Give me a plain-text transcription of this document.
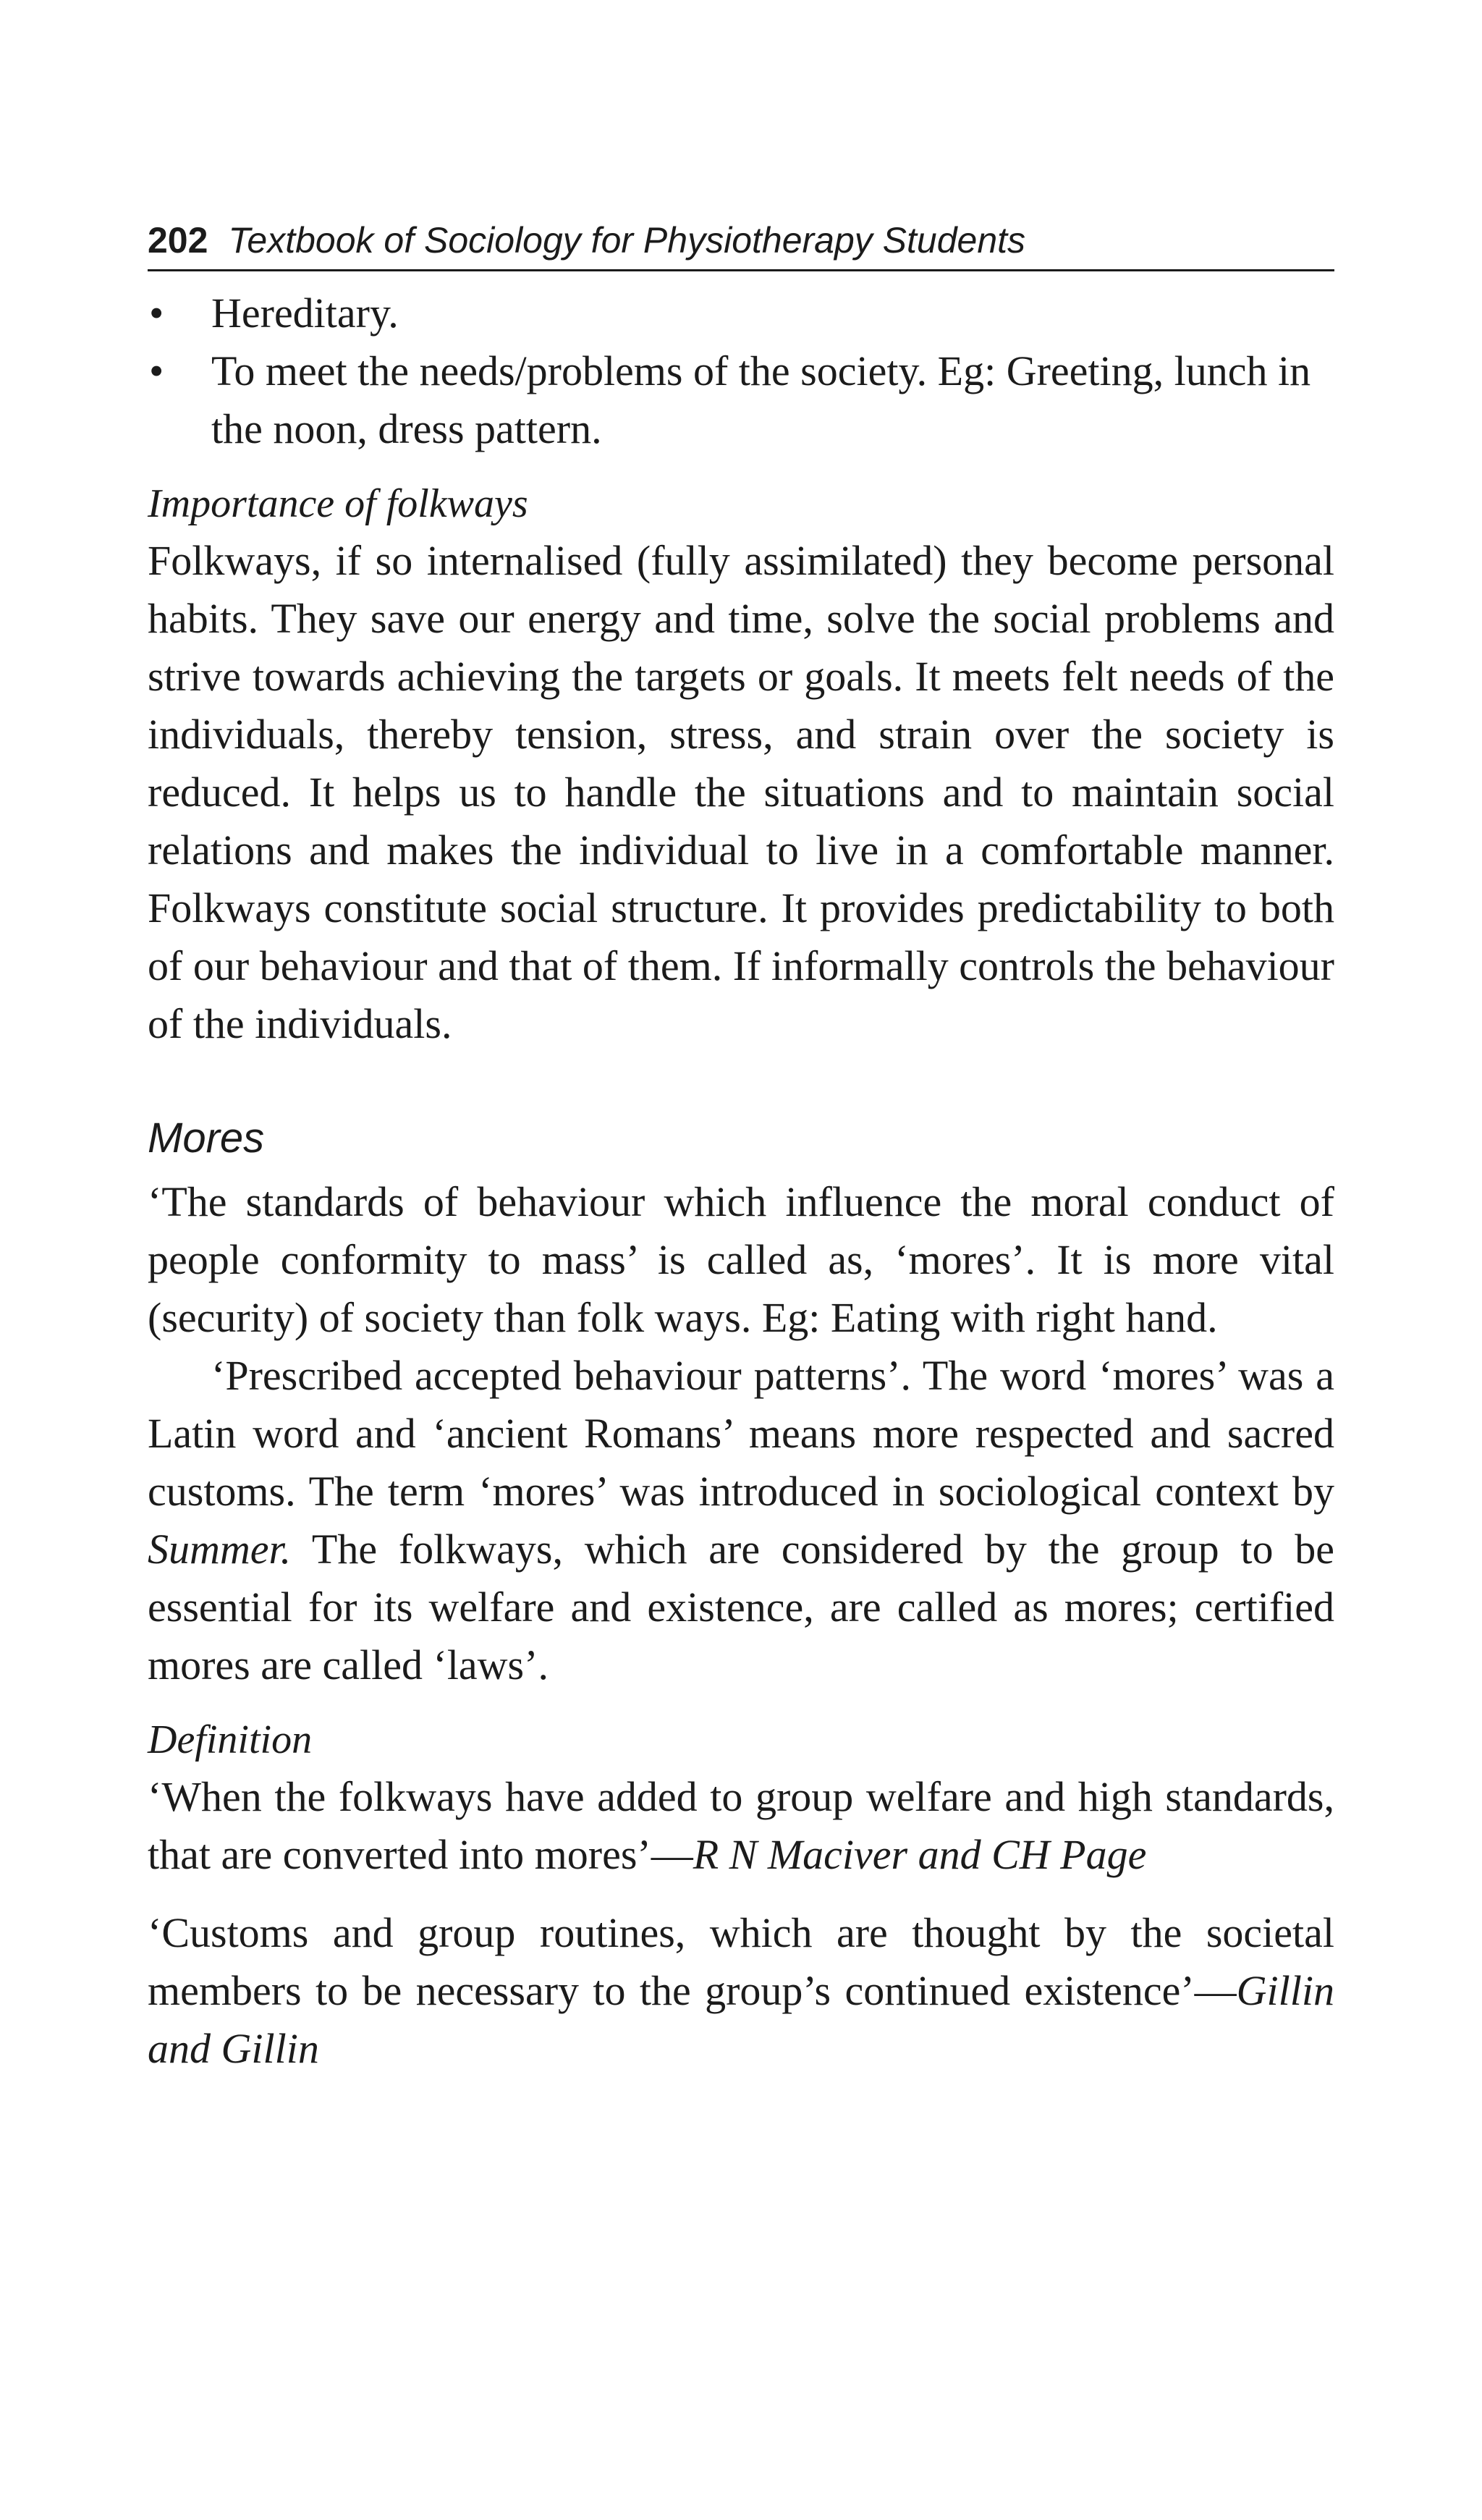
202 Textbook of Sociology for Physiotherapy Students
•	Hereditary.
•	To meet the needs/problems of the society. Eg: Greeting, lunch in the noon, dress pattern.
Importance of folkways

Folkways, if so internalised (fully assimilated) they become personal habits. They save our energy and time, solve the social problems and strive towards achieving the targets or goals. It meets felt needs of the individuals, thereby tension, stress, and strain over the society is reduced. It helps us to handle the situations and to maintain social relations and makes the individual to live in a comfortable manner. Folkways constitute social structure. It provides predictability to both of our behaviour and that of them. If informally controls the behaviour of the individuals.

Mores

‘The standards of behaviour which influence the moral conduct of people conformity to mass’ is called as, ‘mores’. It is more vital (security) of society than folk ways. Eg: Eating with right hand.

‘Prescribed accepted behaviour patterns’. The word ‘mores’ was a Latin word and ‘ancient Romans’ means more respected and sacred customs. The term ‘mores’ was introduced in sociological context by Summer. The folkways, which are considered by the group to be essential for its welfare and existence, are called as mores; certified mores are called ‘laws’.

Definition

‘When the folkways have added to group welfare and high standards, that are converted into mores’—R N Maciver and CH Page

‘Customs and group routines, which are thought by the societal members to be necessary to the group’s continued existence’—Gillin and Gillin
